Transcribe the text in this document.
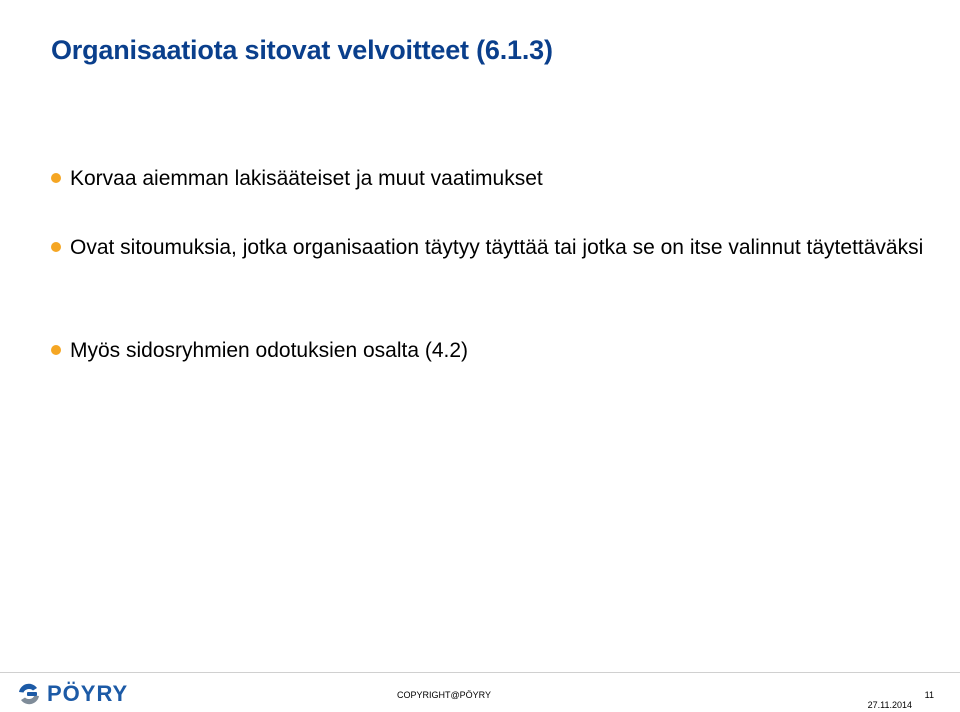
Organisaatiota sitovat velvoitteet (6.1.3)
Korvaa aiemman lakisääteiset ja muut vaatimukset
Ovat sitoumuksia, jotka organisaation täytyy täyttää tai jotka se on itse valinnut täytettäväksi
Myös sidosryhmien odotuksien osalta (4.2)
PÖYRY	COPYRIGHT@PÖYRY	11
27.11.2014
